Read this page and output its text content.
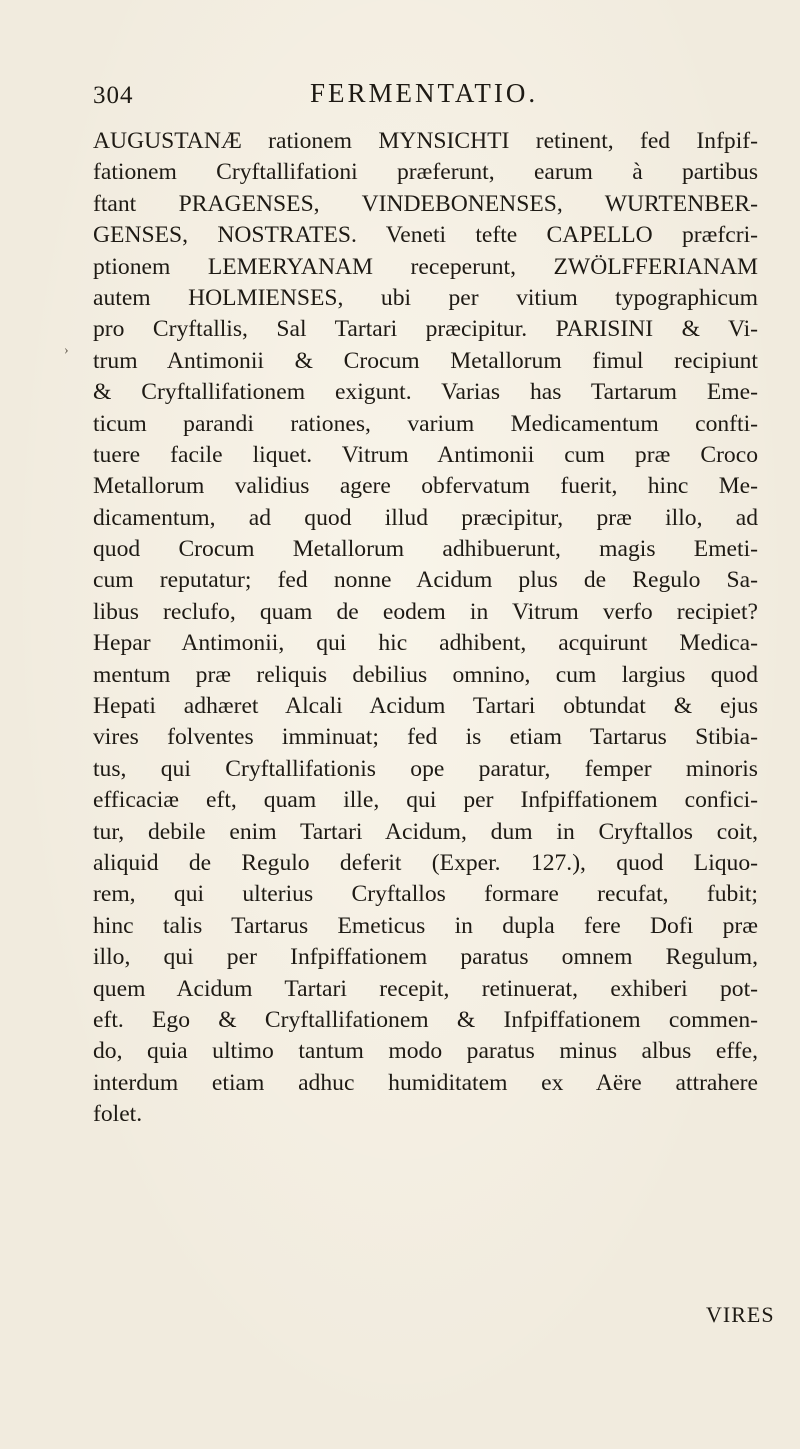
304	FERMENTATIO.
›
AUGUSTANÆ rationem MYNSICHTI retinent, fed Infpif-
fationem Cryftallifationi præferunt, earum à partibus
ftant PRAGENSES, VINDEBONENSES, WURTENBER-
GENSES, NOSTRATES. Veneti tefte CAPELLO præfcri-
ptionem LEMERYANAM receperunt, ZWÖLFFERIANAM
autem HOLMIENSES, ubi per vitium typographicum
pro Cryftallis, Sal Tartari præcipitur. PARISINI & Vi-
trum Antimonii & Crocum Metallorum fimul recipiunt
& Cryftallifationem exigunt. Varias has Tartarum Eme-
ticum parandi rationes, varium Medicamentum confti-
tuere facile liquet. Vitrum Antimonii cum præ Croco
Metallorum validius agere obfervatum fuerit, hinc Me-
dicamentum, ad quod illud præcipitur, præ illo, ad
quod Crocum Metallorum adhibuerunt, magis Emeti-
cum reputatur; fed nonne Acidum plus de Regulo Sa-
libus reclufo, quam de eodem in Vitrum verfo recipiet?
Hepar Antimonii, qui hic adhibent, acquirunt Medica-
mentum præ reliquis debilius omnino, cum largius quod
Hepati adhæret Alcali Acidum Tartari obtundat & ejus
vires folventes imminuat; fed is etiam Tartarus Stibia-
tus, qui Cryftallifationis ope paratur, femper minoris
efficaciæ eft, quam ille, qui per Infpiffationem confici-
tur, debile enim Tartari Acidum, dum in Cryftallos coit,
aliquid de Regulo deferit (Exper. 127.), quod Liquo-
rem, qui ulterius Cryftallos formare recufat, fubit;
hinc talis Tartarus Emeticus in dupla fere Dofi præ
illo, qui per Infpiffationem paratus omnem Regulum,
quem Acidum Tartari recepit, retinuerat, exhiberi pot-
eft. Ego & Cryftallifationem & Infpiffationem commen-
do, quia ultimo tantum modo paratus minus albus effe,
interdum etiam adhuc humiditatem ex Aëre attrahere
folet.
VIRES
